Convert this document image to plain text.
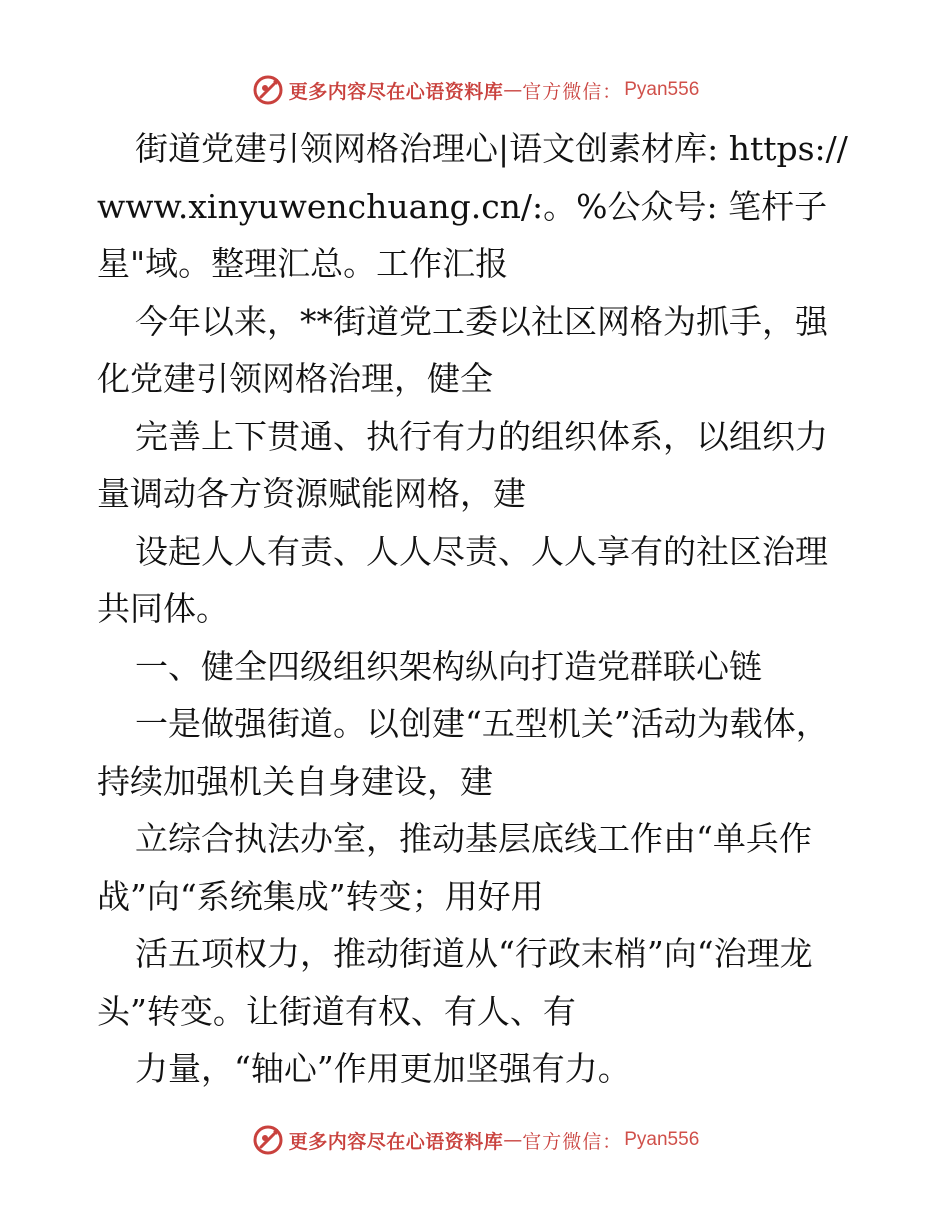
更多内容尽在心语资料库 — 官方微信： Pyan556

街道党建引领网格治理心|语文创素材库: https://www.xinyuwenchuang.cn/:。%公众号: 笔杆子星"域。整理汇总。工作汇报

今年以来，**街道党工委以社区网格为抓手，强化党建引领网格治理，健全

完善上下贯通、执行有力的组织体系，以组织力量调动各方资源赋能网格，建

设起人人有责、人人尽责、人人享有的社区治理共同体。

一、健全四级组织架构纵向打造党群联心链

一是做强街道。以创建“五型机关”活动为载体，持续加强机关自身建设，建

立综合执法办室，推动基层底线工作由“单兵作战”向“系统集成”转变；用好用

活五项权力，推动街道从“行政末梢”向“治理龙头”转变。让街道有权、有人、有

力量，“轴心”作用更加坚强有力。

更多内容尽在心语资料库 — 官方微信： Pyan556
